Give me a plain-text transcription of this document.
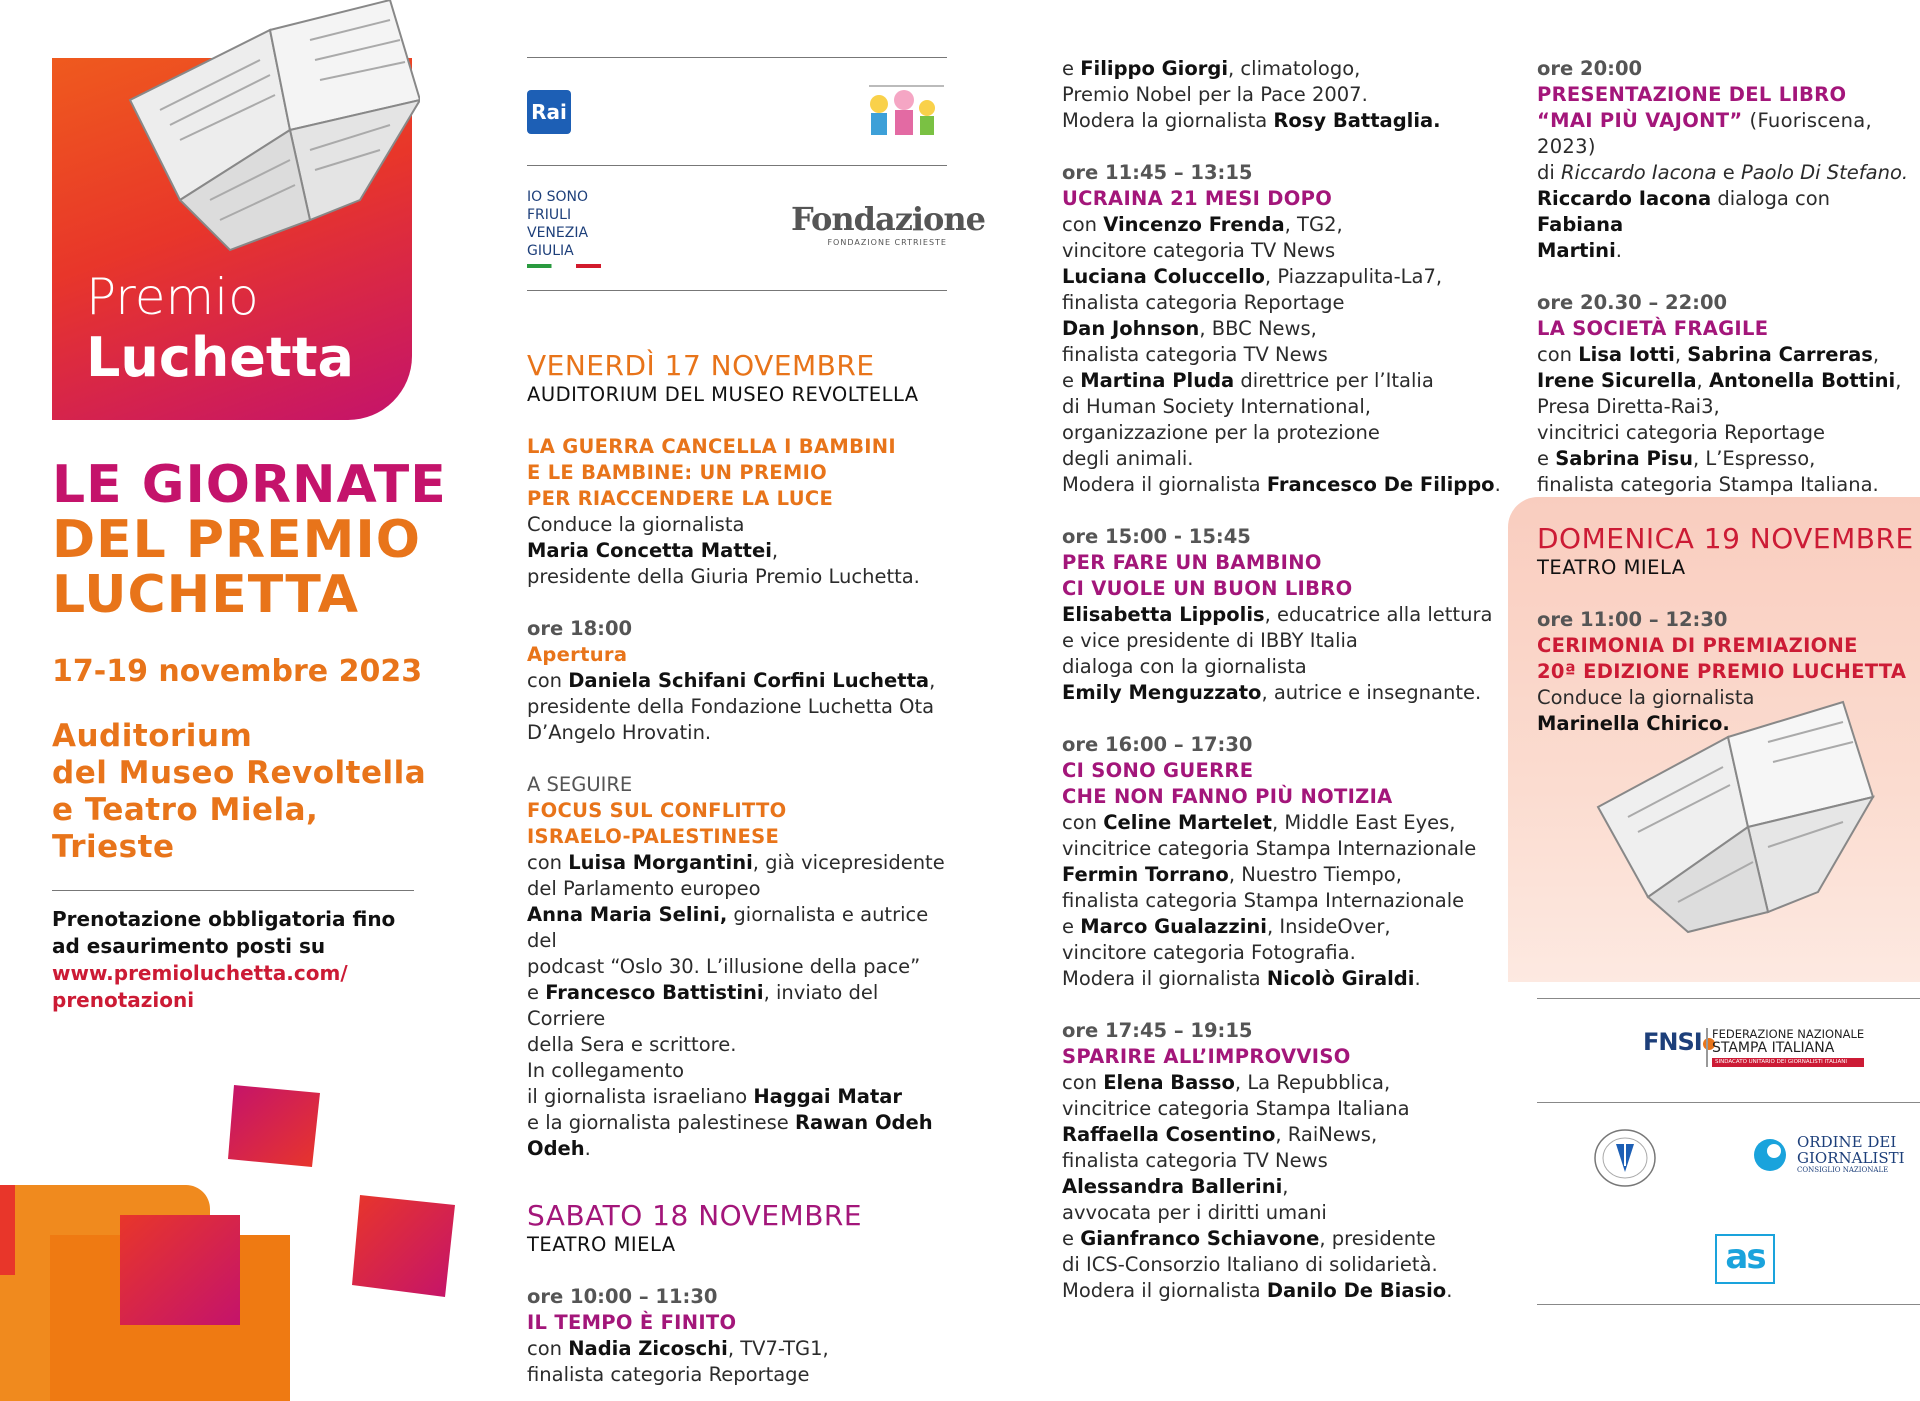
Premio
Luchetta
LE GIORNATE
DEL PREMIO
LUCHETTA
17-19 novembre 2023
Auditorium
del Museo Revoltella
e Teatro Miela,
Trieste
Prenotazione obbligatoria fino
ad esaurimento posti su
www.premioluchetta.com/
prenotazioni
Rai
IO SONO FRIULI VENEZIA GIULIA
Fondazione
FONDAZIONE CRTRIESTE
VENERDÌ 17 NOVEMBRE
AUDITORIUM DEL MUSEO REVOLTELLA

LA GUERRA CANCELLA I BAMBINI
E LE BAMBINE: UN PREMIO
PER RIACCENDERE LA LUCE

Conduce la giornalista
Maria Concetta Mattei,
presidente della Giuria Premio Luchetta.

ore 18:00

Apertura

con Daniela Schifani Corfini Luchetta,
presidente della Fondazione Luchetta Ota
D’Angelo Hrovatin.

A SEGUIRE

FOCUS SUL CONFLITTO
ISRAELO-PALESTINESE

con Luisa Morgantini, già vicepresidente
del Parlamento europeo
Anna Maria Selini, giornalista e autrice del
podcast “Oslo 30. L’illusione della pace”
e Francesco Battistini, inviato del Corriere
della Sera e scrittore.
In collegamento
il giornalista israeliano Haggai Matar
e la giornalista palestinese Rawan Odeh
Odeh.

SABATO 18 NOVEMBRE
TEATRO MIELA

ore 10:00 – 11:30

IL TEMPO È FINITO

con Nadia Zicoschi, TV7-TG1,
finalista categoria Reportage

e Filippo Giorgi, climatologo,
Premio Nobel per la Pace 2007.
Modera la giornalista Rosy Battaglia.

ore 11:45 – 13:15

UCRAINA 21 MESI DOPO

con Vincenzo Frenda, TG2,
vincitore categoria TV News
Luciana Coluccello, Piazzapulita-La7,
finalista categoria Reportage
Dan Johnson, BBC News,
finalista categoria TV News
e Martina Pluda direttrice per l’Italia
di Human Society International,
organizzazione per la protezione
degli animali.
Modera il giornalista Francesco De Filippo.

ore 15:00 - 15:45

PER FARE UN BAMBINO
CI VUOLE UN BUON LIBRO

Elisabetta Lippolis, educatrice alla lettura
e vice presidente di IBBY Italia
dialoga con la giornalista
Emily Menguzzato, autrice e insegnante.

ore 16:00 – 17:30

CI SONO GUERRE
CHE NON FANNO PIÙ NOTIZIA

con Celine Martelet, Middle East Eyes,
vincitrice categoria Stampa Internazionale
Fermin Torrano, Nuestro Tiempo,
finalista categoria Stampa Internazionale
e Marco Gualazzini, InsideOver,
vincitore categoria Fotografia.
Modera il giornalista Nicolò Giraldi.

ore 17:45 – 19:15

SPARIRE ALL’IMPROVVISO

con Elena Basso, La Repubblica,
vincitrice categoria Stampa Italiana
Raffaella Cosentino, RaiNews,
finalista categoria TV News
Alessandra Ballerini,
avvocata per i diritti umani
e Gianfranco Schiavone, presidente
di ICS-Consorzio Italiano di solidarietà.
Modera il giornalista Danilo De Biasio.

ore 20:00

PRESENTAZIONE DEL LIBRO
“MAI PIÙ VAJONT” (Fuoriscena, 2023)

di Riccardo Iacona e Paolo Di Stefano.
Riccardo Iacona dialoga con Fabiana
Martini.

ore 20.30 – 22:00

LA SOCIETÀ FRAGILE

con Lisa Iotti, Sabrina Carreras,
Irene Sicurella, Antonella Bottini,
Presa Diretta-Rai3,
vincitrici categoria Reportage
e Sabrina Pisu, L’Espresso,
finalista categoria Stampa Italiana.

DOMENICA 19 NOVEMBRE
TEATRO MIELA

ore 11:00 – 12:30

CERIMONIA DI PREMIAZIONE

20ª EDIZIONE PREMIO LUCHETTA

Conduce la giornalista

Marinella Chirico.

FNSI FEDERAZIONE NAZIONALE
STAMPA ITALIANA
SINDACATO UNITARIO DEI GIORNALISTI ITALIANI
ORDINE DEI
GIORNALISTI
CONSIGLIO NAZIONALE
as
